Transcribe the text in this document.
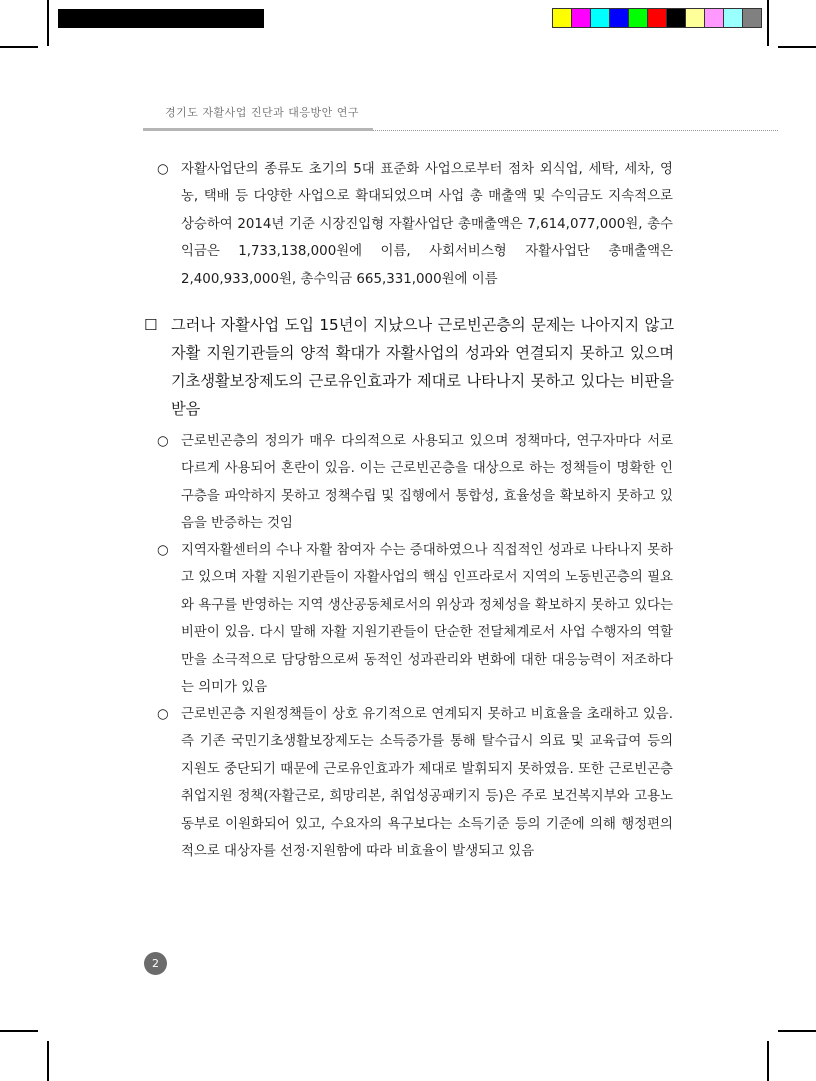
경기도 자활사업 진단과 대응방안 연구
○ 자활사업단의 종류도 초기의 5대 표준화 사업으로부터 점차 외식업, 세탁, 세차, 영농, 택배 등 다양한 사업으로 확대되었으며 사업 총 매출액 및 수익금도 지속적으로 상승하여 2014년 기준 시장진입형 자활사업단 총매출액은 7,614,077,000원, 총수익금은 1,733,138,000원에 이름, 사회서비스형 자활사업단 총매출액은 2,400,933,000원, 총수익금 665,331,000원에 이름
☐ 그러나 자활사업 도입 15년이 지났으나 근로빈곤층의 문제는 나아지지 않고 자활 지원기관들의 양적 확대가 자활사업의 성과와 연결되지 못하고 있으며 기초생활보장제도의 근로유인효과가 제대로 나타나지 못하고 있다는 비판을 받음
○ 근로빈곤층의 정의가 매우 다의적으로 사용되고 있으며 정책마다, 연구자마다 서로 다르게 사용되어 혼란이 있음. 이는 근로빈곤층을 대상으로 하는 정책들이 명확한 인구층을 파악하지 못하고 정책수립 및 집행에서 통합성, 효율성을 확보하지 못하고 있음을 반증하는 것임
○ 지역자활센터의 수나 자활 참여자 수는 증대하였으나 직접적인 성과로 나타나지 못하고 있으며 자활 지원기관들이 자활사업의 핵심 인프라로서 지역의 노동빈곤층의 필요와 욕구를 반영하는 지역 생산공동체로서의 위상과 정체성을 확보하지 못하고 있다는 비판이 있음. 다시 말해 자활 지원기관들이 단순한 전달체계로서 사업 수행자의 역할만을 소극적으로 담당함으로써 동적인 성과관리와 변화에 대한 대응능력이 저조하다는 의미가 있음
○ 근로빈곤층 지원정책들이 상호 유기적으로 연계되지 못하고 비효율을 초래하고 있음. 즉 기존 국민기초생활보장제도는 소득증가를 통해 탈수급시 의료 및 교육급여 등의 지원도 중단되기 때문에 근로유인효과가 제대로 발휘되지 못하였음. 또한 근로빈곤층 취업지원 정책(자활근로, 희망리본, 취업성공패키지 등)은 주로 보건복지부와 고용노동부로 이원화되어 있고, 수요자의 욕구보다는 소득기준 등의 기준에 의해 행정편의적으로 대상자를 선정·지원함에 따라 비효율이 발생되고 있음
2
